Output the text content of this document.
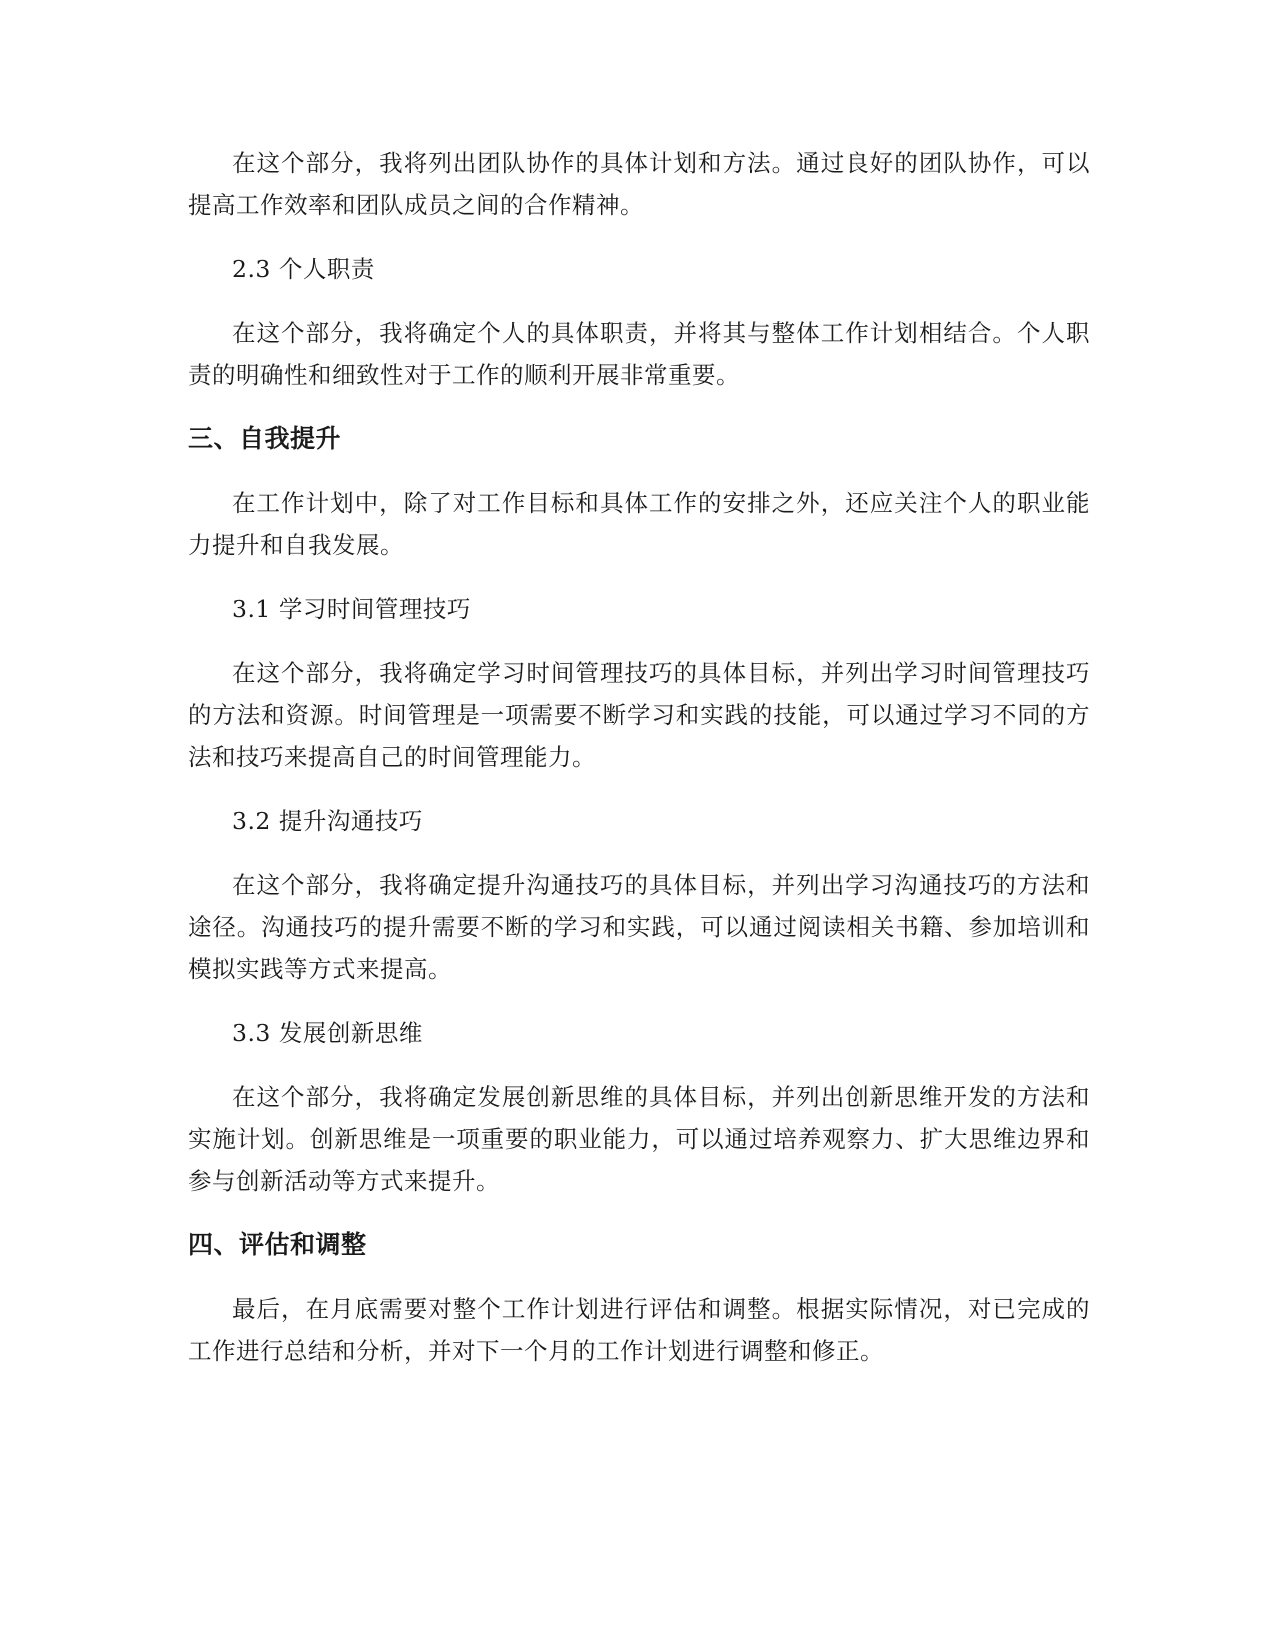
在这个部分，我将列出团队协作的具体计划和方法。通过良好的团队协作，可以提高工作效率和团队成员之间的合作精神。

2.3 个人职责

在这个部分，我将确定个人的具体职责，并将其与整体工作计划相结合。个人职责的明确性和细致性对于工作的顺利开展非常重要。

三、自我提升

在工作计划中，除了对工作目标和具体工作的安排之外，还应关注个人的职业能力提升和自我发展。

3.1 学习时间管理技巧

在这个部分，我将确定学习时间管理技巧的具体目标，并列出学习时间管理技巧的方法和资源。时间管理是一项需要不断学习和实践的技能，可以通过学习不同的方法和技巧来提高自己的时间管理能力。

3.2 提升沟通技巧

在这个部分，我将确定提升沟通技巧的具体目标，并列出学习沟通技巧的方法和途径。沟通技巧的提升需要不断的学习和实践，可以通过阅读相关书籍、参加培训和模拟实践等方式来提高。

3.3 发展创新思维

在这个部分，我将确定发展创新思维的具体目标，并列出创新思维开发的方法和实施计划。创新思维是一项重要的职业能力，可以通过培养观察力、扩大思维边界和参与创新活动等方式来提升。

四、评估和调整

最后，在月底需要对整个工作计划进行评估和调整。根据实际情况，对已完成的工作进行总结和分析，并对下一个月的工作计划进行调整和修正。
